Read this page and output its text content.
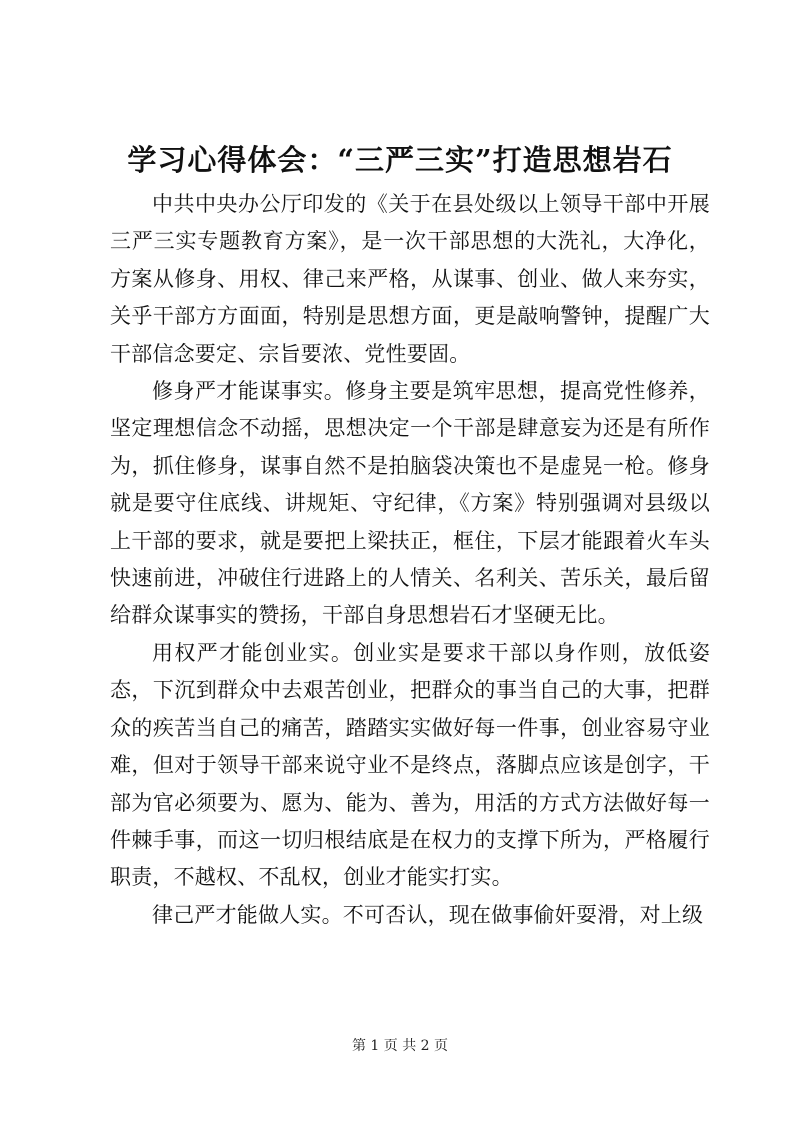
学习心得体会：“三严三实”打造思想岩石

中共中央办公厅印发的《关于在县处级以上领导干部中开展三严三实专题教育方案》，是一次干部思想的大洗礼，大净化，方案从修身、用权、律己来严格，从谋事、创业、做人来夯实，关乎干部方方面面，特别是思想方面，更是敲响警钟，提醒广大干部信念要定、宗旨要浓、党性要固。

修身严才能谋事实。修身主要是筑牢思想，提高党性修养，坚定理想信念不动摇，思想决定一个干部是肆意妄为还是有所作为，抓住修身，谋事自然不是拍脑袋决策也不是虚晃一枪。修身就是要守住底线、讲规矩、守纪律，《方案》特别强调对县级以上干部的要求，就是要把上梁扶正，框住，下层才能跟着火车头快速前进，冲破住行进路上的人情关、名利关、苦乐关，最后留给群众谋事实的赞扬，干部自身思想岩石才坚硬无比。

用权严才能创业实。创业实是要求干部以身作则，放低姿态，下沉到群众中去艰苦创业，把群众的事当自己的大事，把群众的疾苦当自己的痛苦，踏踏实实做好每一件事，创业容易守业难，但对于领导干部来说守业不是终点，落脚点应该是创字，干部为官必须要为、愿为、能为、善为，用活的方式方法做好每一件棘手事，而这一切归根结底是在权力的支撑下所为，严格履行职责，不越权、不乱权，创业才能实打实。

律己严才能做人实。不可否认，现在做事偷奸耍滑，对上级

第 1 页 共 2 页
